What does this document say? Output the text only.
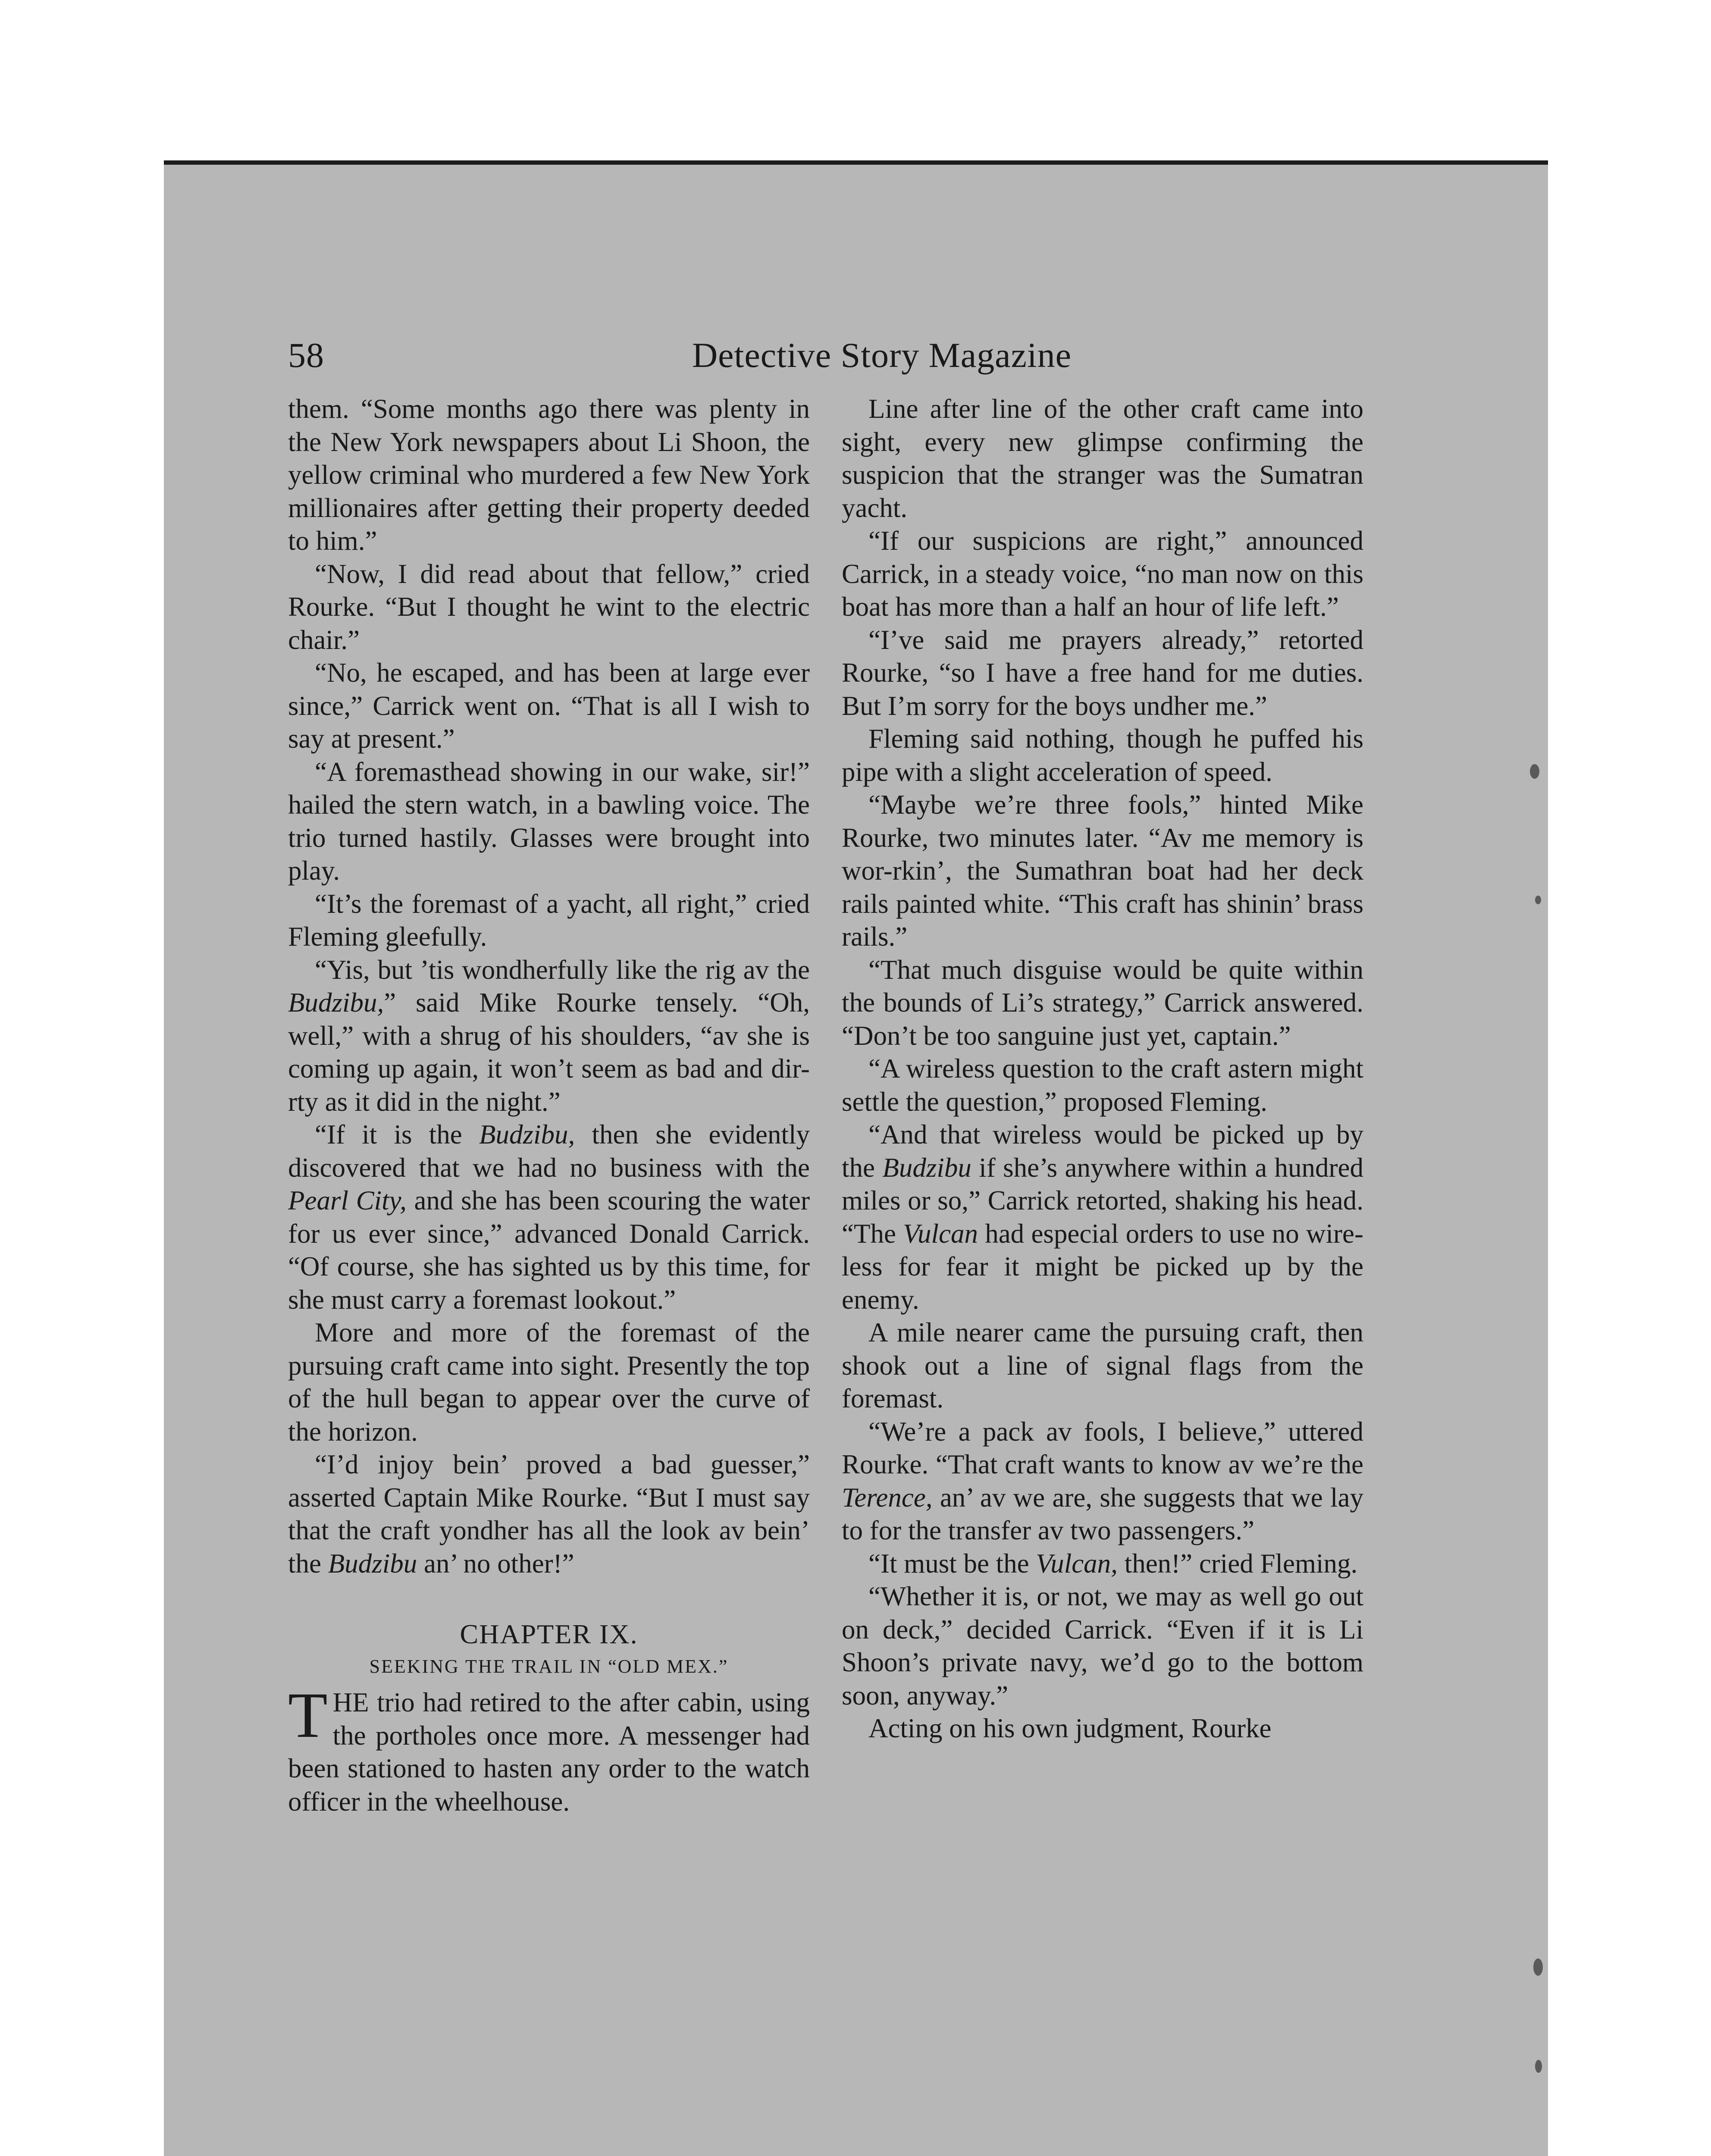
58	Detective Story Magazine

them. “Some months ago there was plenty in the New York newspapers about Li Shoon, the yellow criminal who murdered a few New York millionaires after getting their property deeded to him.”

“Now, I did read about that fellow,” cried Rourke. “But I thought he wint to the electric chair.”

“No, he escaped, and has been at large ever since,” Carrick went on. “That is all I wish to say at present.”

“A foremasthead showing in our wake, sir!” hailed the stern watch, in a bawling voice. The trio turned hastily. Glasses were brought into play.

“It’s the foremast of a yacht, all right,” cried Fleming gleefully.

“Yis, but ’tis wondherfully like the rig av the Budzibu,” said Mike Rourke tensely. “Oh, well,” with a shrug of his shoulders, “av she is coming up again, it won’t seem as bad and dir-rty as it did in the night.”

“If it is the Budzibu, then she evidently discovered that we had no business with the Pearl City, and she has been scouring the water for us ever since,” advanced Donald Carrick. “Of course, she has sighted us by this time, for she must carry a foremast lookout.”

More and more of the foremast of the pursuing craft came into sight. Presently the top of the hull began to appear over the curve of the horizon.

“I’d injoy bein’ proved a bad guesser,” asserted Captain Mike Rourke. “But I must say that the craft yondher has all the look av bein’ the Budzibu an’ no other!”

CHAPTER IX.
SEEKING THE TRAIL IN “OLD MEX.”

THE trio had retired to the after cabin, using the portholes once more. A messenger had been stationed to hasten any order to the watch officer in the wheelhouse.

Line after line of the other craft came into sight, every new glimpse confirming the suspicion that the stranger was the Sumatran yacht.

“If our suspicions are right,” announced Carrick, in a steady voice, “no man now on this boat has more than a half an hour of life left.”

“I’ve said me prayers already,” retorted Rourke, “so I have a free hand for me duties. But I’m sorry for the boys undher me.”

Fleming said nothing, though he puffed his pipe with a slight acceleration of speed.

“Maybe we’re three fools,” hinted Mike Rourke, two minutes later. “Av me memory is wor-rkin’, the Sumathran boat had her deck rails painted white. “This craft has shinin’ brass rails.”

“That much disguise would be quite within the bounds of Li’s strategy,” Carrick answered. “Don’t be too sanguine just yet, captain.”

“A wireless question to the craft astern might settle the question,” proposed Fleming.

“And that wireless would be picked up by the Budzibu if she’s anywhere within a hundred miles or so,” Carrick retorted, shaking his head. “The Vulcan had especial orders to use no wireless for fear it might be picked up by the enemy.

A mile nearer came the pursuing craft, then shook out a line of signal flags from the foremast.

“We’re a pack av fools, I believe,” uttered Rourke. “That craft wants to know av we’re the Terence, an’ av we are, she suggests that we lay to for the transfer av two passengers.”

“It must be the Vulcan, then!” cried Fleming.

“Whether it is, or not, we may as well go out on deck,” decided Carrick. “Even if it is Li Shoon’s private navy, we’d go to the bottom soon, anyway.”

Acting on his own judgment, Rourke
